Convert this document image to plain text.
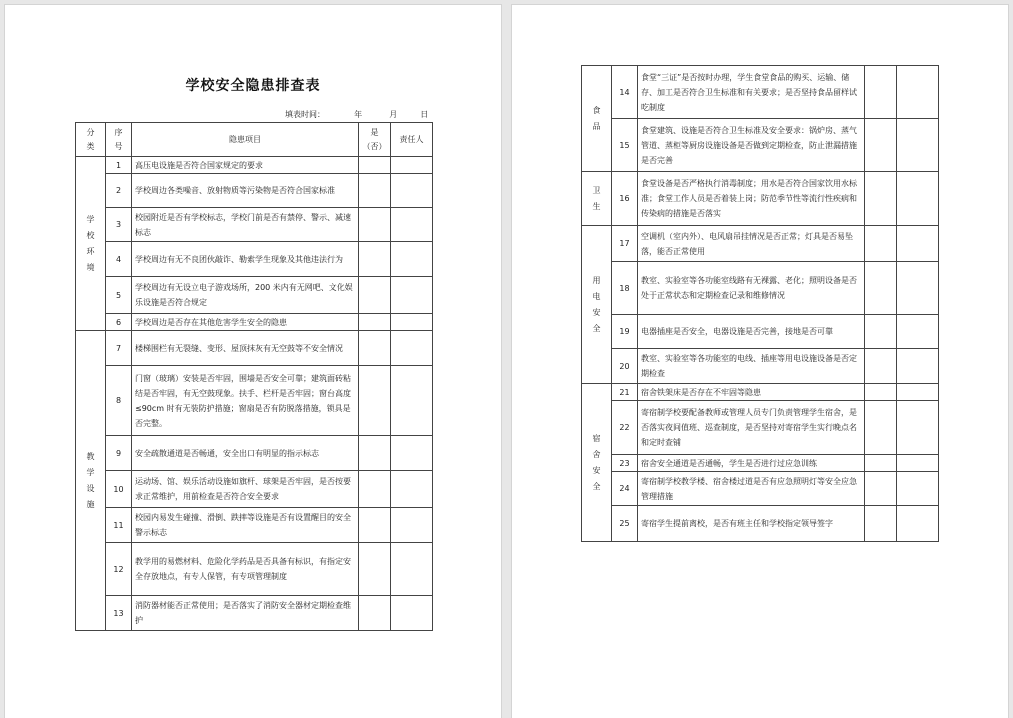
学校安全隐患排查表
填表时间：	年	月	日
分类	序号	隐患项目	是（否）	责任人

学校环境	1	高压电设施是否符合国家规定的要求		
	2	学校周边各类噪音、放射物质等污染物是否符合国家标准		
	3	校园附近是否有学校标志，学校门前是否有禁停、警示、减速标志		
	4	学校周边有无不良团伙敲诈、勒索学生现象及其他违法行为		
	5	学校周边有无设立电子游戏场所，200 米内有无网吧、文化娱乐设施是否符合规定		
	6	学校周边是否存在其他危害学生安全的隐患		

教学设施	7	楼梯围栏有无裂缝、变形、屋顶抹灰有无空鼓等不安全情况		
	8	门窗（玻璃）安装是否牢固，围墙是否安全可靠；建筑面砖粘结是否牢固，有无空鼓现象。扶手、栏杆是否牢固；窗台高度≤90cm 时有无装防护措施；窗扇是否有防脱落措施，锁具是否完整。		
	9	安全疏散通道是否畅通，安全出口有明显的指示标志		
	10	运动场、馆、娱乐活动设施如旗杆、球架是否牢固，是否按要求正常维护，用前检查是否符合安全要求		
	11	校园内易发生碰撞、滑倒、跌摔等设施是否有设置醒目的安全警示标志		
	12	教学用的易燃材料、危险化学药品是否具备有标识，有指定安全存放地点，有专人保管，有专项管理制度		
	13	消防器材能否正常使用；是否落实了消防安全器材定期检查维护		
食品	14	食堂“三证”是否按时办理，学生食堂食品的购买、运输、储存、加工是否符合卫生标准和有关要求；是否坚持食品留样试吃制度		
	15	食堂建筑、设施是否符合卫生标准及安全要求：锅炉房、蒸气管道、蒸柜等厨房设施设备是否做到定期检查，防止泄漏措施是否完善		

卫生	16	食堂设备是否严格执行消毒制度；用水是否符合国家饮用水标准；食堂工作人员是否着装上岗；防范季节性等流行性疾病和传染病的措施是否落实		

用电安全	17	空调机（室内外）、电风扇吊挂情况是否正常；灯具是否易坠落，能否正常使用		
	18	教室、实验室等各功能室线路有无裸露、老化；照明设备是否处于正常状态和定期检查记录和维修情况		
	19	电器插座是否安全，电器设施是否完善，接地是否可靠		
	20	教室、实验室等各功能室的电线、插座等用电设施设备是否定期检查		

宿舍安全	21	宿舍铁架床是否存在不牢固等隐患		
	22	寄宿制学校要配备教师或管理人员专门负责管理学生宿舍，是否落实夜间值班、巡查制度，是否坚持对寄宿学生实行晚点名和定时查铺		
	23	宿舍安全通道是否通畅，学生是否进行过应急训练		
	24	寄宿制学校教学楼、宿舍楼过道是否有应急照明灯等安全应急管理措施		
	25	寄宿学生提前离校，是否有班主任和学校指定领导签字		
